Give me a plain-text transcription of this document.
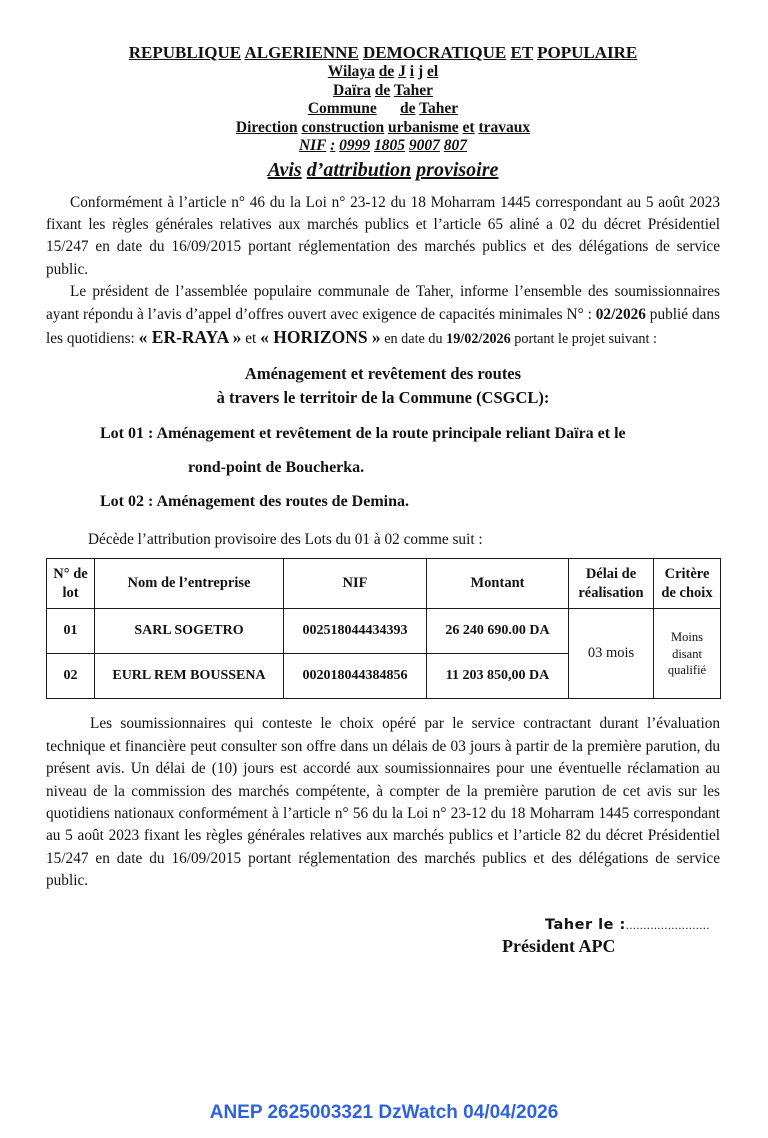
REPUBLIQUE ALGERIENNE DEMOCRATIQUE ET POPULAIRE
Wilaya de J i j el
Daïra de Taher
Commune de Taher
Direction construction urbanisme et travaux
NIF : 0999 1805 9007 807
Avis d’attribution provisoire

Conformément à l’article n° 46 du la Loi n° 23-12 du 18 Moharram 1445 correspondant au 5 août 2023 fixant les règles générales relatives aux marchés publics et l’article 65 aliné a 02 du décret Présidentiel 15/247 en date du 16/09/2015 portant réglementation des marchés publics et des délégations de service public.

Le président de l’assemblée populaire communale de Taher, informe l’ensemble des soumissionnaires ayant répondu à l’avis d’appel d’offres ouvert avec exigence de capacités minimales N° : 02/2026 publié dans les quotidiens: « ER-RAYA » et « HORIZONS » en date du 19/02/2026 portant le projet suivant :

Aménagement et revêtement des routes
à travers le territoir de la Commune (CSGCL):
Lot 01 : Aménagement et revêtement de la route principale reliant Daïra et le
rond-point de Boucherka.
Lot 02 : Aménagement des routes de Demina.

Décède l’attribution provisoire des Lots du 01 à 02 comme suit :

N° de lot	Nom de l’entreprise	NIF	Montant	Délai de réalisation	Critère de choix
01	SARL SOGETRO	002518044434393	26 240 690.00 DA	03 mois	Moins disant qualifié
02	EURL REM BOUSSENA	002018044384856	11 203 850,00 DA		

Les soumissionnaires qui conteste le choix opéré par le service contractant durant l’évaluation technique et financière peut consulter son offre dans un délais de 03 jours à partir de la première parution, du présent avis. Un délai de (10) jours est accordé aux soumissionnaires pour une éventuelle réclamation au niveau de la commission des marchés compétente, à compter de la première parution de cet avis sur les quotidiens nationaux conformément à l’article n° 56 du la Loi n° 23-12 du 18 Moharram 1445 correspondant au 5 août 2023 fixant les règles générales relatives aux marchés publics et l’article 82 du décret Présidentiel 15/247 en date du 16/09/2015 portant réglementation des marchés publics et des délégations de service public.

Taher le :........................
Président APC
ANEP 2625003321 DzWatch 04/04/2026
